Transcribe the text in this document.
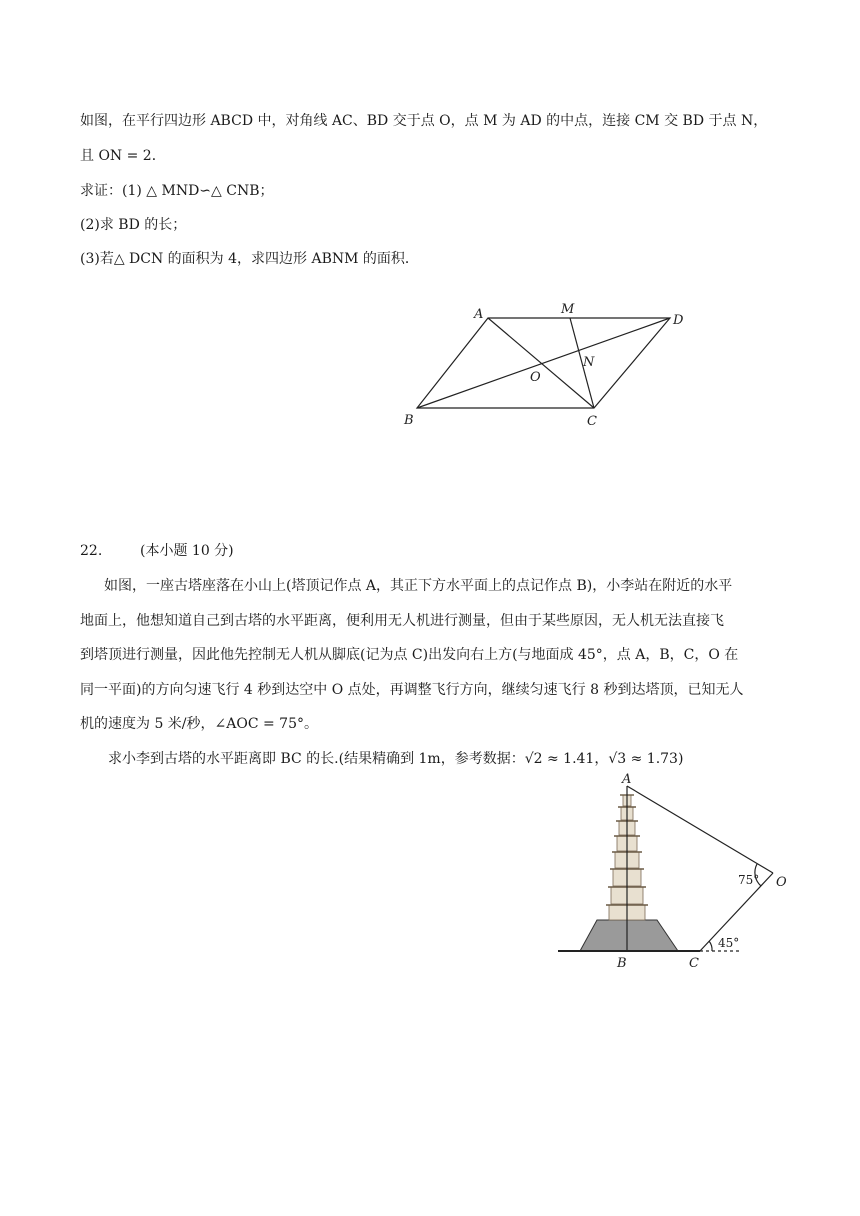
如图，在平行四边形 ABCD 中，对角线 AC、BD 交于点 O，点 M 为 AD 的中点，连接 CM 交 BD 于点 N，
且 ON = 2．
求证：(1) △ MND∽△ CNB；
(2)求 BD 的长；
(3)若△ DCN 的面积为 4，求四边形 ABNM 的面积．
A	M
D
N
O
B	C
22.	(本小题 10 分)
如图，一座古塔座落在小山上(塔顶记作点 A，其正下方水平面上的点记作点 B)，小李站在附近的水平
地面上，他想知道自己到古塔的水平距离，便利用无人机进行测量，但由于某些原因，无人机无法直接飞
到塔顶进行测量，因此他先控制无人机从脚底(记为点 C)出发向右上方(与地面成 45°，点 A，B，C，O 在
同一平面)的方向匀速飞行 4 秒到达空中 O 点处，再调整飞行方向，继续匀速飞行 8 秒到达塔顶，已知无人
机的速度为 5 米/秒，∠AOC = 75°。
求小李到古塔的水平距离即 BC 的长.(结果精确到 1m，参考数据：√2 ≈ 1.41，√3 ≈ 1.73)
A
B	C
O
75°
45°
